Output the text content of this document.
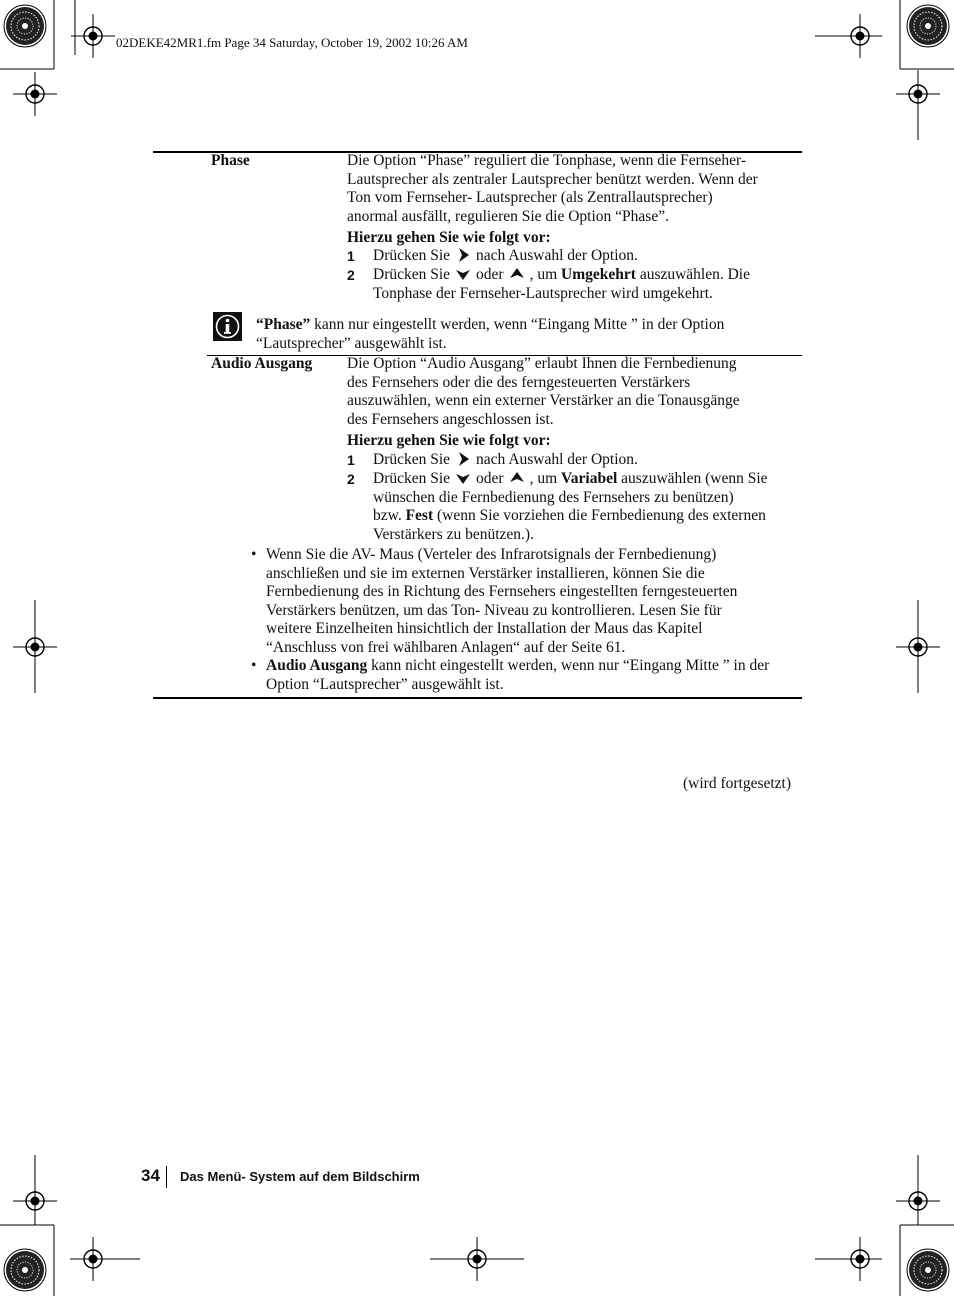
02DEKE42MR1.fm Page 34 Saturday, October 19, 2002 10:26 AM
Phase	Die Option “Phase” reguliert die Tonphase, wenn die Fernseher-
Lautsprecher als zentraler Lautsprecher benützt werden. Wenn der
Ton vom Fernseher- Lautsprecher (als Zentrallautsprecher)
anormal ausfällt, regulieren Sie die Option “Phase”.
Hierzu gehen Sie wie folgt vor:
1 Drücken Sie nach Auswahl der Option.
2 Drücken Sie oder , um Umgekehrt auszuwählen. Die
Tonphase der Fernseher-Lautsprecher wird umgekehrt.
“Phase” kann nur eingestellt werden, wenn “Eingang Mitte ” in der Option
“Lautsprecher” ausgewählt ist.
Audio Ausgang Die Option “Audio Ausgang” erlaubt Ihnen die Fernbedienung
des Fernsehers oder die des ferngesteuerten Verstärkers
auszuwählen, wenn ein externer Verstärker an die Tonausgänge
des Fernsehers angeschlossen ist.
Hierzu gehen Sie wie folgt vor:
1 Drücken Sie nach Auswahl der Option.
2 Drücken Sie oder , um Variabel auszuwählen (wenn Sie
wünschen die Fernbedienung des Fernsehers zu benützen)
bzw. Fest (wenn Sie vorziehen die Fernbedienung des externen
Verstärkers zu benützen.).
• Wenn Sie die AV- Maus (Verteler des Infrarotsignals der Fernbedienung)
anschließen und sie im externen Verstärker installieren, können Sie die
Fernbedienung des in Richtung des Fernsehers eingestellten ferngesteuerten
Verstärkers benützen, um das Ton- Niveau zu kontrollieren. Lesen Sie für
weitere Einzelheiten hinsichtlich der Installation der Maus das Kapitel
“Anschluss von frei wählbaren Anlagen“ auf der Seite 61.
• Audio Ausgang kann nicht eingestellt werden, wenn nur “Eingang Mitte ” in der
Option “Lautsprecher” ausgewählt ist.
(wird fortgesetzt)
34 Das Menü- System auf dem Bildschirm
